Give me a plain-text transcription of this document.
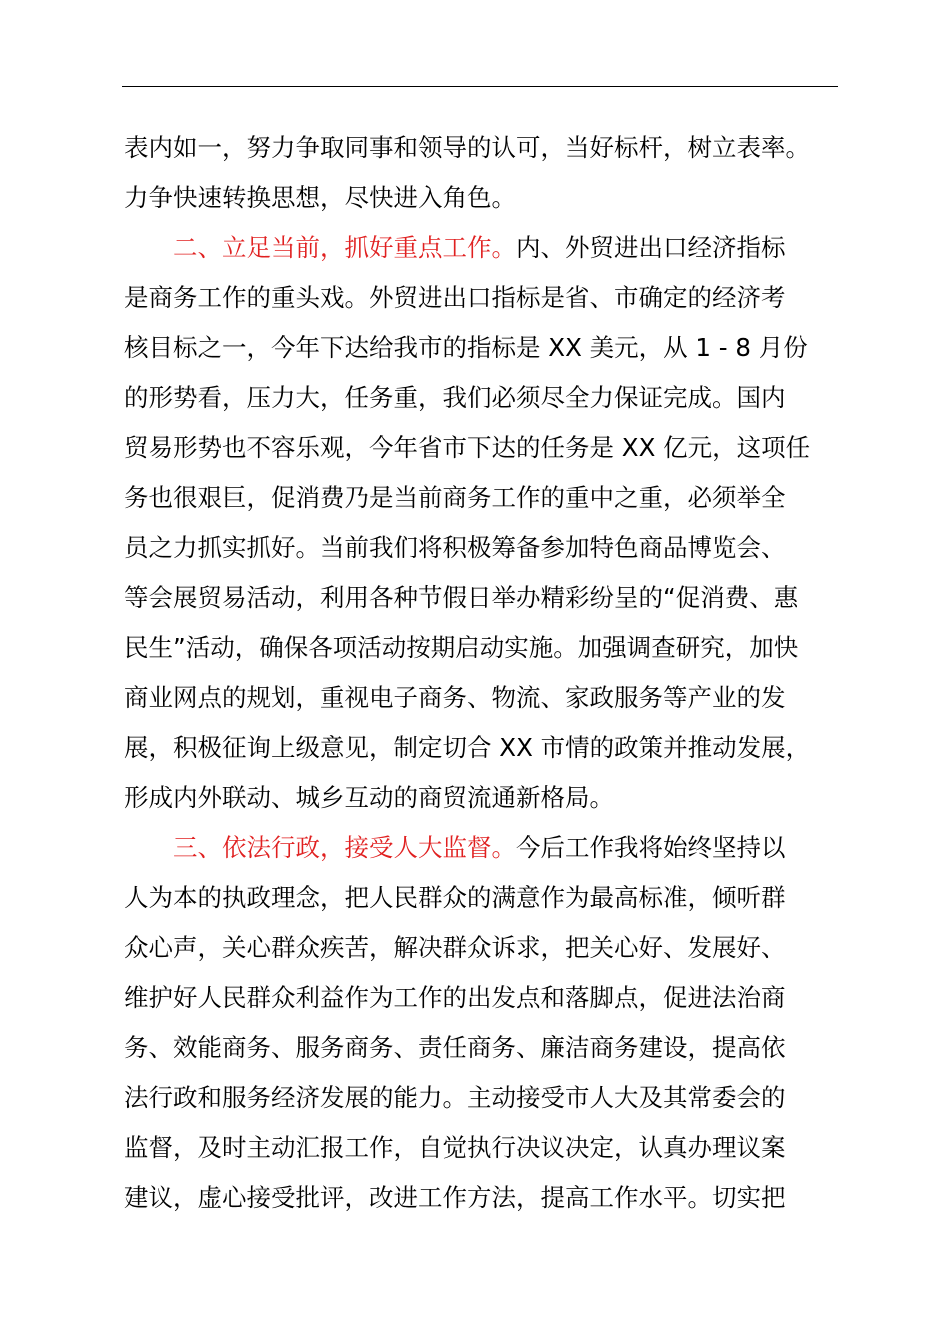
表内如一，努力争取同事和领导的认可，当好标杆，树立表率。
力争快速转换思想，尽快进入角色。
　　二、立足当前，抓好重点工作。内、外贸进出口经济指标
是商务工作的重头戏。外贸进出口指标是省、市确定的经济考
核目标之一，今年下达给我市的指标是 XX 美元，从 1 - 8 月份
的形势看，压力大，任务重，我们必须尽全力保证完成。国内
贸易形势也不容乐观，今年省市下达的任务是 XX 亿元，这项任
务也很艰巨，促消费乃是当前商务工作的重中之重，必须举全
员之力抓实抓好。当前我们将积极筹备参加特色商品博览会、
等会展贸易活动，利用各种节假日举办精彩纷呈的“促消费、惠
民生”活动，确保各项活动按期启动实施。加强调查研究，加快
商业网点的规划，重视电子商务、物流、家政服务等产业的发
展，积极征询上级意见，制定切合 XX 市情的政策并推动发展，
形成内外联动、城乡互动的商贸流通新格局。
　　三、依法行政，接受人大监督。今后工作我将始终坚持以
人为本的执政理念，把人民群众的满意作为最高标准，倾听群
众心声，关心群众疾苦，解决群众诉求，把关心好、发展好、
维护好人民群众利益作为工作的出发点和落脚点，促进法治商
务、效能商务、服务商务、责任商务、廉洁商务建设，提高依
法行政和服务经济发展的能力。主动接受市人大及其常委会的
监督，及时主动汇报工作，自觉执行决议决定，认真办理议案
建议，虚心接受批评，改进工作方法，提高工作水平。切实把
